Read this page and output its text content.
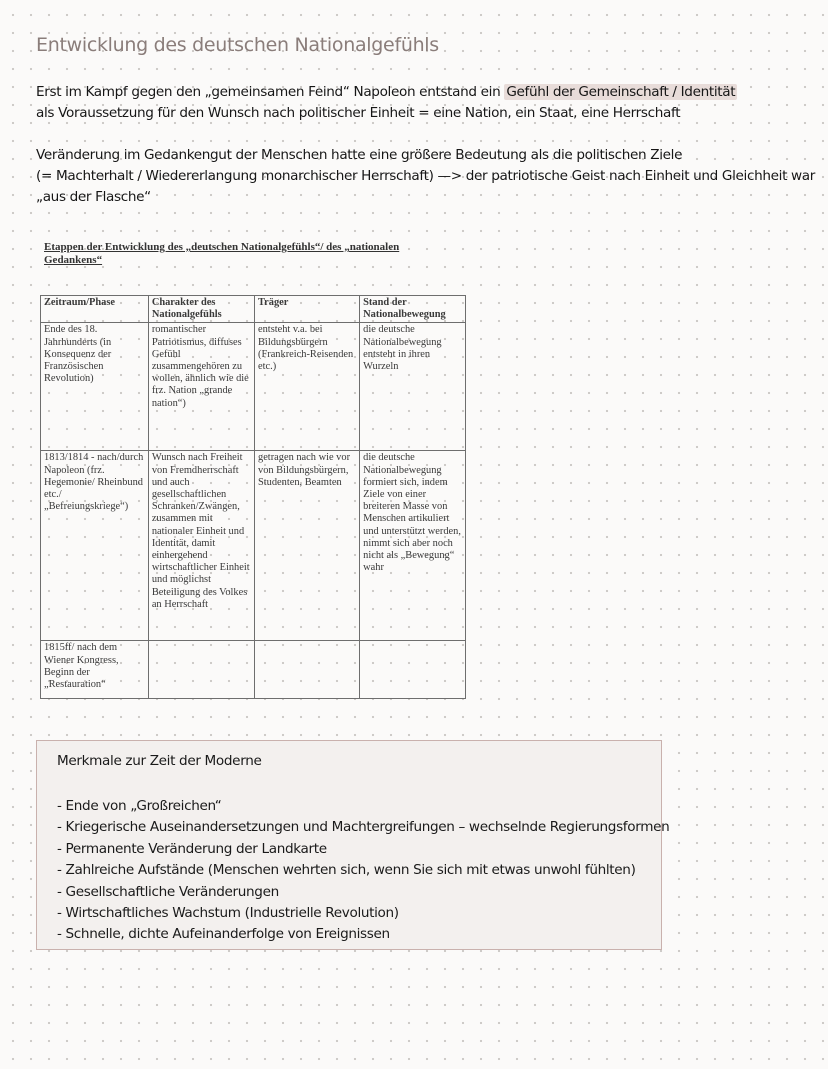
Entwicklung des deutschen Nationalgefühls
Erst im Kampf gegen den „gemeinsamen Feind“ Napoleon entstand ein Gefühl der Gemeinschaft / Identität
als Voraussetzung für den Wunsch nach politischer Einheit = eine Nation, ein Staat, eine Herrschaft
Veränderung im Gedankengut der Menschen hatte eine größere Bedeutung als die politischen Ziele
(= Machterhalt / Wiedererlangung monarchischer Herrschaft) —> der patriotische Geist nach Einheit und Gleichheit war
„aus der Flasche“
Etappen der Entwicklung des „deutschen Nationalgefühls“/ des „nationalen
Gedankens“
Zeitraum/Phase	Charakter des Nationalgefühls	Träger	Stand der Nationalbewegung
Ende des 18. Jahrhunderts (in Konsequenz der Französischen Revolution)	romantischer Patriotismus, diffuses Gefühl zusammengehören zu wollen, ähnlich wie die frz. Nation „grande nation“)	entsteht v.a. bei Bildungsbürgern (Frankreich-Reisenden etc.)	die deutsche Nationalbewegung entsteht in ihren Wurzeln
1813/1814 - nach/durch Napoleon (frz. Hegemonie/ Rheinbund etc./ „Befreiungskriege“)	Wunsch nach Freiheit von Fremdherrschaft und auch gesellschaftlichen Schranken/Zwängen, zusammen mit nationaler Einheit und Identität, damit einhergehend wirtschaftlicher Einheit und möglichst Beteiligung des Volkes an Herrschaft	getragen nach wie vor von Bildungsbürgern, Studenten, Beamten	die deutsche Nationalbewegung formiert sich, indem Ziele von einer breiteren Masse von Menschen artikuliert und unterstützt werden, nimmt sich aber noch nicht als „Bewegung“ wahr
1815ff/ nach dem Wiener Kongress, Beginn der „Restauration“			
Merkmale zur Zeit der Moderne
- Ende von „Großreichen“
- Kriegerische Auseinandersetzungen und Machtergreifungen – wechselnde Regierungsformen
- Permanente Veränderung der Landkarte
- Zahlreiche Aufstände (Menschen wehrten sich, wenn Sie sich mit etwas unwohl fühlten)
- Gesellschaftliche Veränderungen
- Wirtschaftliches Wachstum (Industrielle Revolution)
- Schnelle, dichte Aufeinanderfolge von Ereignissen
